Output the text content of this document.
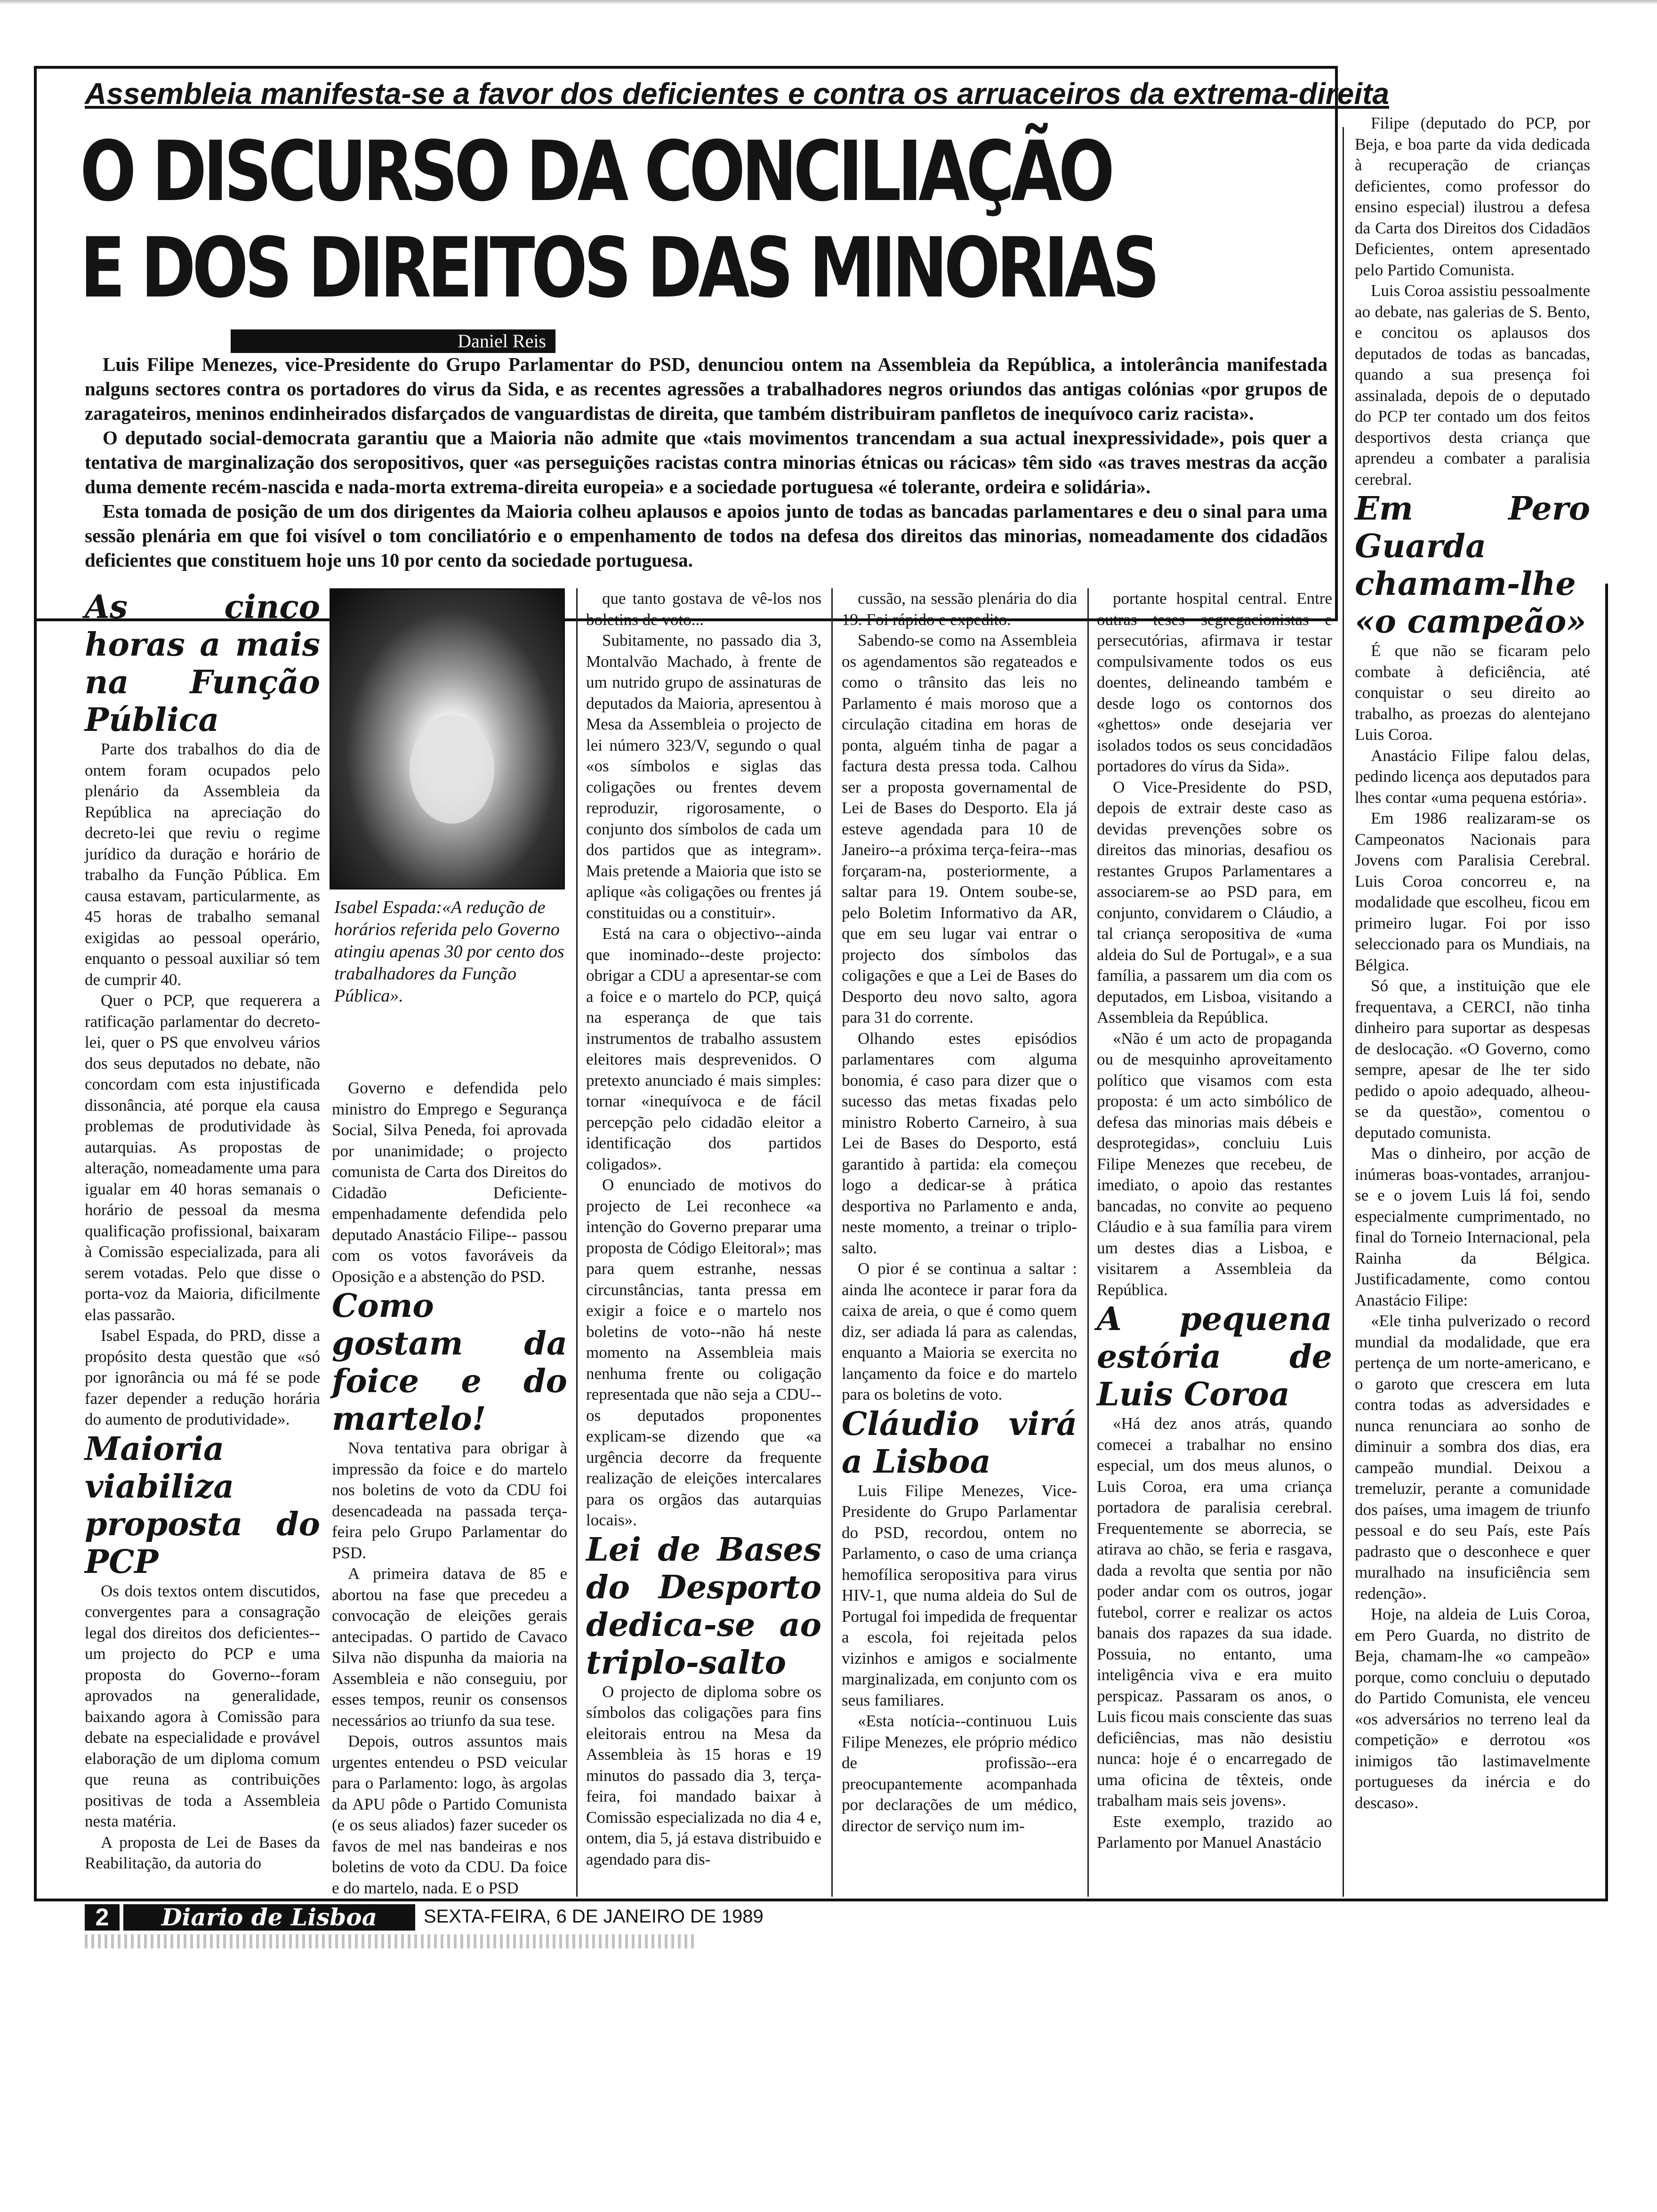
Assembleia manifesta-se a favor dos deficientes e contra os arruaceiros da extrema-direita
O DISCURSO DA CONCILIAÇÃO
E DOS DIREITOS DAS MINORIAS
Daniel Reis

Luis Filipe Menezes, vice-Presidente do Grupo Parlamentar do PSD, denunciou ontem na Assembleia da República, a intolerância manifestada nalguns sectores contra os portadores do virus da Sida, e as recentes agressões a trabalhadores negros oriundos das antigas colónias «por grupos de zaragateiros, meninos endinheirados disfarçados de vanguardistas de direita, que também distribuiram panfletos de inequívoco cariz racista».

O deputado social-democrata garantiu que a Maioria não admite que «tais movimentos trancendam a sua actual inexpressividade», pois quer a tentativa de marginalização dos seropositivos, quer «as perseguições racistas contra minorias étnicas ou rácicas» têm sido «as traves mestras da acção duma demente recém-nascida e nada-morta extrema-direita europeia» e a sociedade portuguesa «é tolerante, ordeira e solidária».

Esta tomada de posição de um dos dirigentes da Maioria colheu aplausos e apoios junto de todas as bancadas parlamentares e deu o sinal para uma sessão plenária em que foi visível o tom conciliatório e o empenhamento de todos na defesa dos direitos das minorias, nomeadamente dos cidadãos deficientes que constituem hoje uns 10 por cento da sociedade portuguesa.

As cinco horas a mais na Função Pública

Parte dos trabalhos do dia de ontem foram ocupados pelo plenário da Assembleia da República na apreciação do decreto-lei que reviu o regime jurídico da duração e horário de trabalho da Função Pública. Em causa estavam, particularmente, as 45 horas de trabalho semanal exigidas ao pessoal operário, enquanto o pessoal auxiliar só tem de cumprir 40.

Quer o PCP, que requerera a ratificação parlamentar do decreto-lei, quer o PS que envolveu vários dos seus deputados no debate, não concordam com esta injustificada dissonância, até porque ela causa problemas de produtividade às autarquias. As propostas de alteração, nomeadamente uma para igualar em 40 horas semanais o horário de pessoal da mesma qualificação profissional, baixaram à Comissão especializada, para ali serem votadas. Pelo que disse o porta-voz da Maioria, dificilmente elas passarão.

Isabel Espada, do PRD, disse a propósito desta questão que «só por ignorância ou má fé se pode fazer depender a redução horária do aumento de produtividade».

Maioria viabiliza proposta do PCP

Os dois textos ontem discutidos, convergentes para a consagração legal dos direitos dos deficientes-- um projecto do PCP e uma proposta do Governo--foram aprovados na generalidade, baixando agora à Comissão para debate na especialidade e provável elaboração de um diploma comum que reuna as contribuições positivas de toda a Assembleia nesta matéria.

A proposta de Lei de Bases da Reabilitação, da autoria do

Isabel Espada:«A redução de horários referida pelo Governo atingiu apenas 30 por cento dos trabalhadores da Função Pública».

Governo e defendida pelo ministro do Emprego e Segurança Social, Silva Peneda, foi aprovada por unanimidade; o projecto comunista de Carta dos Direitos do Cidadão Deficiente-empenhadamente defendida pelo deputado Anastácio Filipe-- passou com os votos favoráveis da Oposição e a abstenção do PSD.

Como gostam da foice e do martelo!

Nova tentativa para obrigar à impressão da foice e do martelo nos boletins de voto da CDU foi desencadeada na passada terça-feira pelo Grupo Parlamentar do PSD.

A primeira datava de 85 e abortou na fase que precedeu a convocação de eleições gerais antecipadas. O partido de Cavaco Silva não dispunha da maioria na Assembleia e não conseguiu, por esses tempos, reunir os consensos necessários ao triunfo da sua tese.

Depois, outros assuntos mais urgentes entendeu o PSD veicular para o Parlamento: logo, às argolas da APU pôde o Partido Comunista (e os seus aliados) fazer suceder os favos de mel nas bandeiras e nos boletins de voto da CDU. Da foice e do martelo, nada. E o PSD

que tanto gostava de vê-los nos boletins de voto...

Subitamente, no passado dia 3, Montalvão Machado, à frente de um nutrido grupo de assinaturas de deputados da Maioria, apresentou à Mesa da Assembleia o projecto de lei número 323/V, segundo o qual «os símbolos e siglas das coligações ou frentes devem reproduzir, rigorosamente, o conjunto dos símbolos de cada um dos partidos que as integram». Mais pretende a Maioria que isto se aplique «às coligações ou frentes já constituidas ou a constituir».

Está na cara o objectivo--ainda que inominado--deste projecto: obrigar a CDU a apresentar-se com a foice e o martelo do PCP, quiçá na esperança de que tais instrumentos de trabalho assustem eleitores mais desprevenidos. O pretexto anunciado é mais simples: tornar «inequívoca e de fácil percepção pelo cidadão eleitor a identificação dos partidos coligados».

O enunciado de motivos do projecto de Lei reconhece «a intenção do Governo preparar uma proposta de Código Eleitoral»; mas para quem estranhe, nessas circunstâncias, tanta pressa em exigir a foice e o martelo nos boletins de voto--não há neste momento na Assembleia mais nenhuma frente ou coligação representada que não seja a CDU-- os deputados proponentes explicam-se dizendo que «a urgência decorre da frequente realização de eleições intercalares para os orgãos das autarquias locais».

Lei de Bases do Desporto dedica-se ao triplo-salto

O projecto de diploma sobre os símbolos das coligações para fins eleitorais entrou na Mesa da Assembleia às 15 horas e 19 minutos do passado dia 3, terça-feira, foi mandado baixar à Comissão especializada no dia 4 e, ontem, dia 5, já estava distribuido e agendado para dis-

cussão, na sessão plenária do dia 19. Foi rápido e expedito.

Sabendo-se como na Assembleia os agendamentos são regateados e como o trânsito das leis no Parlamento é mais moroso que a circulação citadina em horas de ponta, alguém tinha de pagar a factura desta pressa toda. Calhou ser a proposta governamental de Lei de Bases do Desporto. Ela já esteve agendada para 10 de Janeiro--a próxima terça-feira--mas forçaram-na, posteriormente, a saltar para 19. Ontem soube-se, pelo Boletim Informativo da AR, que em seu lugar vai entrar o projecto dos símbolos das coligações e que a Lei de Bases do Desporto deu novo salto, agora para 31 do corrente.

Olhando estes episódios parlamentares com alguma bonomia, é caso para dizer que o sucesso das metas fixadas pelo ministro Roberto Carneiro, à sua Lei de Bases do Desporto, está garantido à partida: ela começou logo a dedicar-se à prática desportiva no Parlamento e anda, neste momento, a treinar o triplo-salto.

O pior é se continua a saltar : ainda lhe acontece ir parar fora da caixa de areia, o que é como quem diz, ser adiada lá para as calendas, enquanto a Maioria se exercita no lançamento da foice e do martelo para os boletins de voto.

Cláudio virá a Lisboa

Luis Filipe Menezes, Vice-Presidente do Grupo Parlamentar do PSD, recordou, ontem no Parlamento, o caso de uma criança hemofílica seropositiva para virus HIV-1, que numa aldeia do Sul de Portugal foi impedida de frequentar a escola, foi rejeitada pelos vizinhos e amigos e socialmente marginalizada, em conjunto com os seus familiares.

«Esta notícia--continuou Luis Filipe Menezes, ele próprio médico de profissão--era preocupantemente acompanhada por declarações de um médico, director de serviço num im-

portante hospital central. Entre outras teses segregacionistas e persecutórias, afirmava ir testar compulsivamente todos os eus doentes, delineando também e desde logo os contornos dos «ghettos» onde desejaria ver isolados todos os seus concidadãos portadores do vírus da Sida».

O Vice-Presidente do PSD, depois de extrair deste caso as devidas prevenções sobre os direitos das minorias, desafiou os restantes Grupos Parlamentares a associarem-se ao PSD para, em conjunto, convidarem o Cláudio, a tal criança seropositiva de «uma aldeia do Sul de Portugal», e a sua família, a passarem um dia com os deputados, em Lisboa, visitando a Assembleia da República.

«Não é um acto de propaganda ou de mesquinho aproveitamento político que visamos com esta proposta: é um acto simbólico de defesa das minorias mais débeis e desprotegidas», concluiu Luis Filipe Menezes que recebeu, de imediato, o apoio das restantes bancadas, no convite ao pequeno Cláudio e à sua família para virem um destes dias a Lisboa, e visitarem a Assembleia da República.

A pequena estória de Luis Coroa

«Há dez anos atrás, quando comecei a trabalhar no ensino especial, um dos meus alunos, o Luis Coroa, era uma criança portadora de paralisia cerebral. Frequentemente se aborrecia, se atirava ao chão, se feria e rasgava, dada a revolta que sentia por não poder andar com os outros, jogar futebol, correr e realizar os actos banais dos rapazes da sua idade. Possuia, no entanto, uma inteligência viva e era muito perspicaz. Passaram os anos, o Luis ficou mais consciente das suas deficiências, mas não desistiu nunca: hoje é o encarregado de uma oficina de têxteis, onde trabalham mais seis jovens».

Este exemplo, trazido ao Parlamento por Manuel Anastácio

Filipe (deputado do PCP, por Beja, e boa parte da vida dedicada à recuperação de crianças deficientes, como professor do ensino especial) ilustrou a defesa da Carta dos Direitos dos Cidadãos Deficientes, ontem apresentado pelo Partido Comunista.

Luis Coroa assistiu pessoalmente ao debate, nas galerias de S. Bento, e concitou os aplausos dos deputados de todas as bancadas, quando a sua presença foi assinalada, depois de o deputado do PCP ter contado um dos feitos desportivos desta criança que aprendeu a combater a paralisia cerebral.

Em Pero Guarda chamam-lhe «o campeão»

É que não se ficaram pelo combate à deficiência, até conquistar o seu direito ao trabalho, as proezas do alentejano Luis Coroa.

Anastácio Filipe falou delas, pedindo licença aos deputados para lhes contar «uma pequena estória».

Em 1986 realizaram-se os Campeonatos Nacionais para Jovens com Paralisia Cerebral. Luis Coroa concorreu e, na modalidade que escolheu, ficou em primeiro lugar. Foi por isso seleccionado para os Mundiais, na Bélgica.

Só que, a instituição que ele frequentava, a CERCI, não tinha dinheiro para suportar as despesas de deslocação. «O Governo, como sempre, apesar de lhe ter sido pedido o apoio adequado, alheou-se da questão», comentou o deputado comunista.

Mas o dinheiro, por acção de inúmeras boas-vontades, arranjou-se e o jovem Luis lá foi, sendo especialmente cumprimentado, no final do Torneio Internacional, pela Rainha da Bélgica. Justificadamente, como contou Anastácio Filipe:

«Ele tinha pulverizado o record mundial da modalidade, que era pertença de um norte-americano, e o garoto que crescera em luta contra todas as adversidades e nunca renunciara ao sonho de diminuir a sombra dos dias, era campeão mundial. Deixou a tremeluzir, perante a comunidade dos países, uma imagem de triunfo pessoal e do seu País, este País padrasto que o desconhece e quer muralhado na insuficiência sem redenção».

Hoje, na aldeia de Luis Coroa, em Pero Guarda, no distrito de Beja, chamam-lhe «o campeão» porque, como concluiu o deputado do Partido Comunista, ele venceu «os adversários no terreno leal da competição» e derrotou «os inimigos tão lastimavelmente portugueses da inércia e do descaso».

2	Diario de Lisboa	SEXTA-FEIRA, 6 DE JANEIRO DE 1989
